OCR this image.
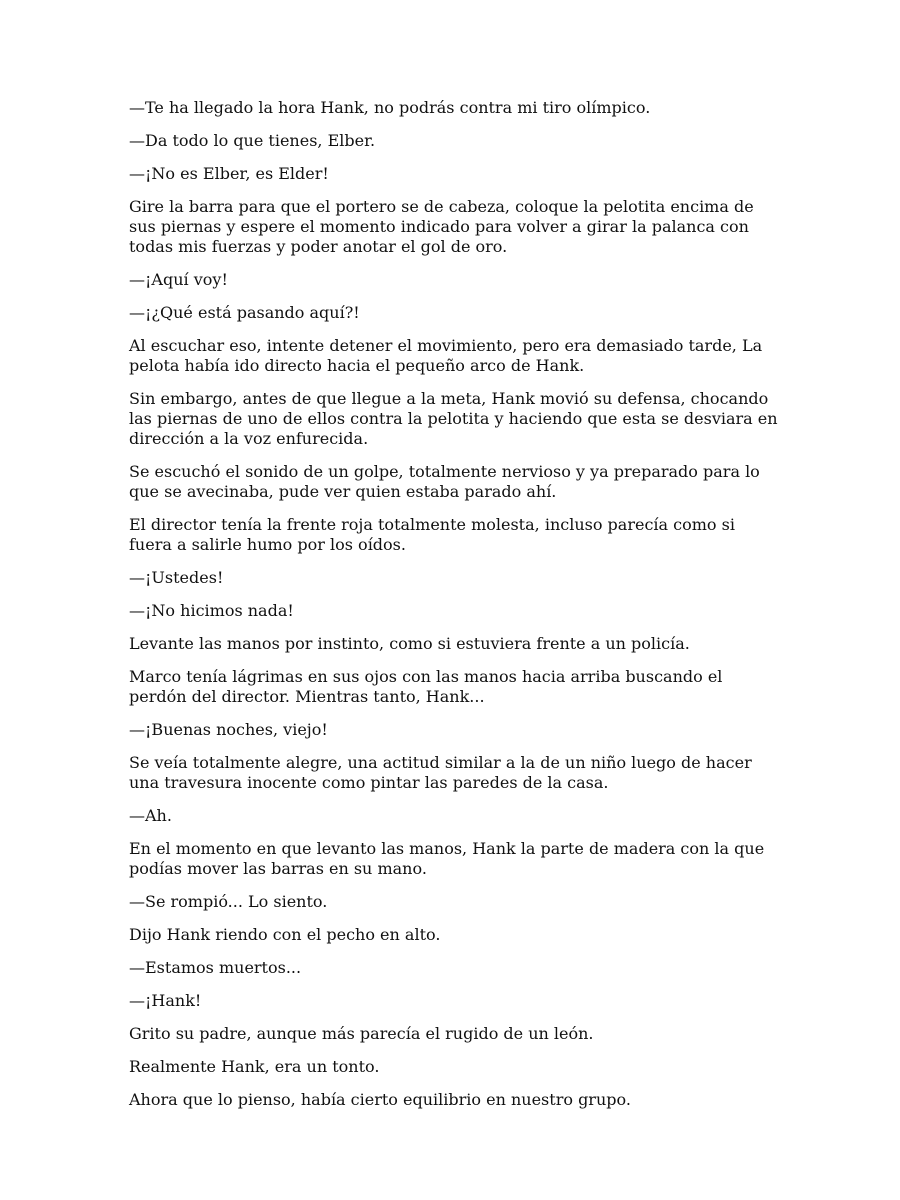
—Te ha llegado la hora Hank, no podrás contra mi tiro olímpico.

—Da todo lo que tienes, Elber.

—¡No es Elber, es Elder!

Gire la barra para que el portero se de cabeza, coloque la pelotita encima de sus piernas y espere el momento indicado para volver a girar la palanca con todas mis fuerzas y poder anotar el gol de oro.

—¡Aquí voy!

—¡¿Qué está pasando aquí?!

Al escuchar eso, intente detener el movimiento, pero era demasiado tarde, La pelota había ido directo hacia el pequeño arco de Hank.

Sin embargo, antes de que llegue a la meta, Hank movió su defensa, chocando las piernas de uno de ellos contra la pelotita y haciendo que esta se desviara en dirección a la voz enfurecida.

Se escuchó el sonido de un golpe, totalmente nervioso y ya preparado para lo que se avecinaba, pude ver quien estaba parado ahí.

El director tenía la frente roja totalmente molesta, incluso parecía como si fuera a salirle humo por los oídos.

—¡Ustedes!

—¡No hicimos nada!

Levante las manos por instinto, como si estuviera frente a un policía.

Marco tenía lágrimas en sus ojos con las manos hacia arriba buscando el perdón del director. Mientras tanto, Hank...

—¡Buenas noches, viejo!

Se veía totalmente alegre, una actitud similar a la de un niño luego de hacer una travesura inocente como pintar las paredes de la casa.

—Ah.

En el momento en que levanto las manos, Hank la parte de madera con la que podías mover las barras en su mano.

—Se rompió... Lo siento.

Dijo Hank riendo con el pecho en alto.

—Estamos muertos...

—¡Hank!

Grito su padre, aunque más parecía el rugido de un león.

Realmente Hank, era un tonto.

Ahora que lo pienso, había cierto equilibrio en nuestro grupo.
